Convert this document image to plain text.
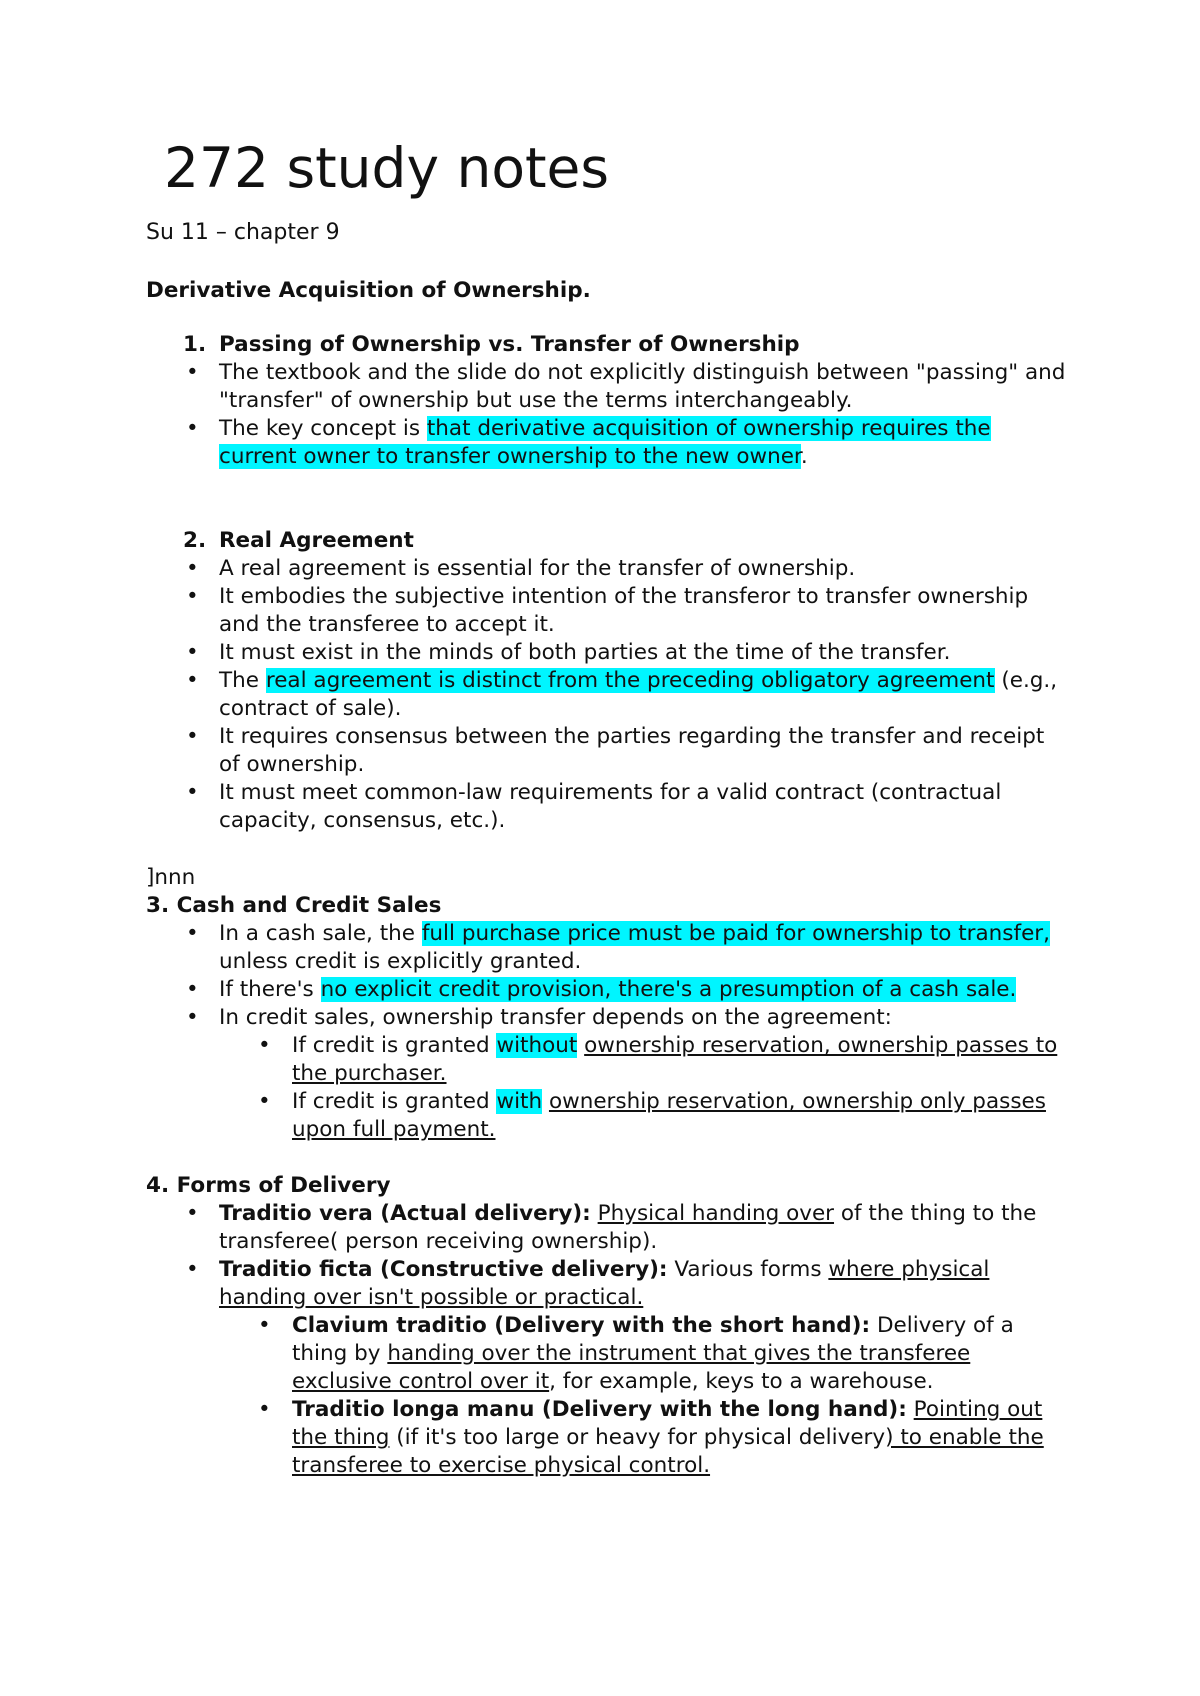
272 study notes
Su 11 – chapter 9
Derivative Acquisition of Ownership.
1. Passing of Ownership vs. Transfer of Ownership
• The textbook and the slide do not explicitly distinguish between "passing" and "transfer" of ownership but use the terms interchangeably.
• The key concept is that derivative acquisition of ownership requires the current owner to transfer ownership to the new owner.
2. Real Agreement
• A real agreement is essential for the transfer of ownership.
• It embodies the subjective intention of the transferor to transfer ownership and the transferee to accept it.
• It must exist in the minds of both parties at the time of the transfer.
• The real agreement is distinct from the preceding obligatory agreement (e.g., contract of sale).
• It requires consensus between the parties regarding the transfer and receipt of ownership.
• It must meet common-law requirements for a valid contract (contractual capacity, consensus, etc.).
]nnn
3. Cash and Credit Sales
• In a cash sale, the full purchase price must be paid for ownership to transfer, unless credit is explicitly granted.
• If there's no explicit credit provision, there's a presumption of a cash sale.
• In credit sales, ownership transfer depends on the agreement:
• If credit is granted without ownership reservation, ownership passes to the purchaser.
• If credit is granted with ownership reservation, ownership only passes upon full payment.
4. Forms of Delivery
• Traditio vera (Actual delivery): Physical handing over of the thing to the transferee( person receiving ownership).
• Traditio ficta (Constructive delivery): Various forms where physical handing over isn't possible or practical.
• Clavium traditio (Delivery with the short hand): Delivery of a thing by handing over the instrument that gives the transferee exclusive control over it, for example, keys to a warehouse.
• Traditio longa manu (Delivery with the long hand): Pointing out the thing (if it's too large or heavy for physical delivery) to enable the transferee to exercise physical control.
